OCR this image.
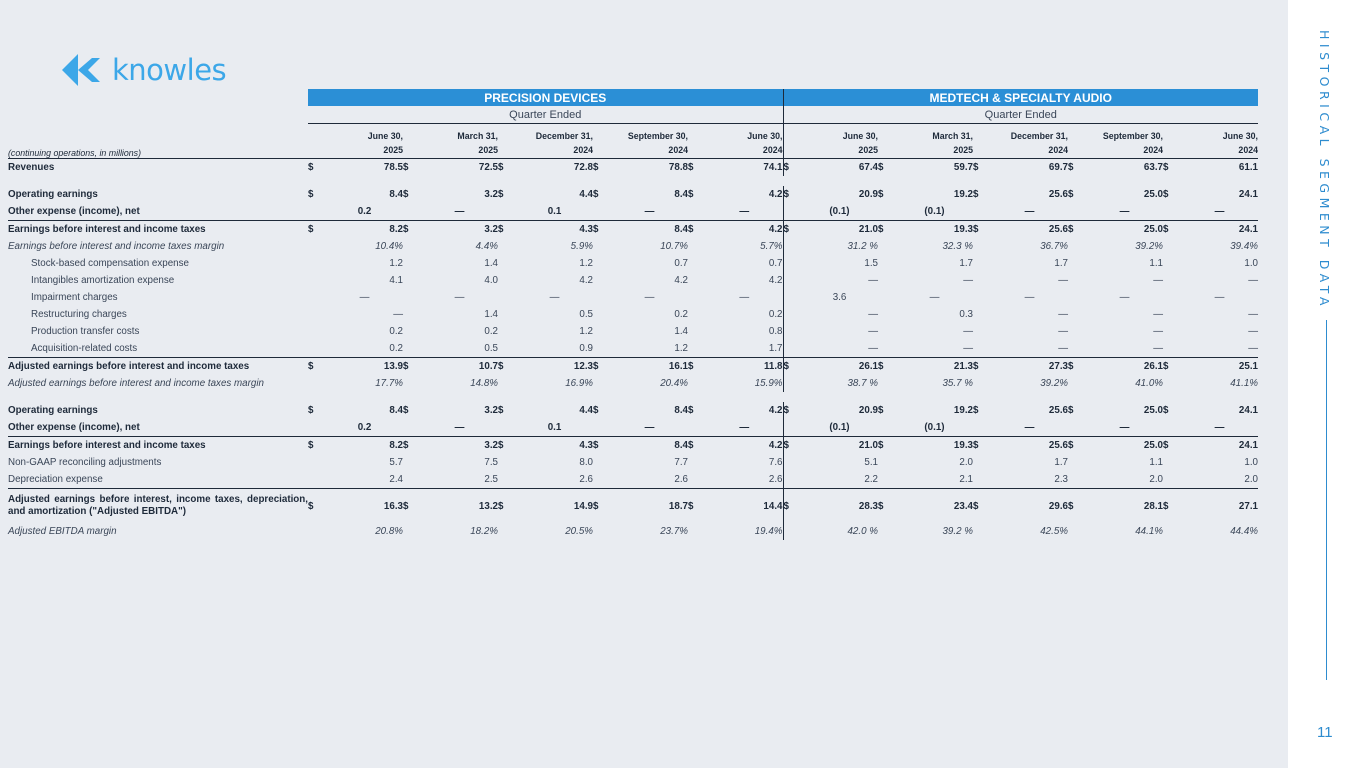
knowles	HISTORICAL SEGMENT DATA
11
	PRECISION DEVICES										MEDTECH & SPECIALTY AUDIO									
	Quarter Ended										Quarter Ended									
	June 30,		March 31,		December 31,		September 30,		June 30,		June 30,		March 31,		December 31,		September 30,		June 30,	
(continuing operations, in millions)	2025		2025		2024		2024		2024		2025		2025		2024		2024		2024	
Revenues	$	78.5	$	72.5	$	72.8	$	78.8	$	74.1	$	67.4	$	59.7	$	69.7	$	63.7	$	61.1

Operating earnings	$	8.4	$	3.2	$	4.4	$	8.4	$	4.2	$	20.9	$	19.2	$	25.6	$	25.0	$	24.1
Other expense (income), net		0.2		—		0.1		—		—		(0.1)		(0.1)		—		—		—
Earnings before interest and income taxes	$	8.2	$	3.2	$	4.3	$	8.4	$	4.2	$	21.0	$	19.3	$	25.6	$	25.0	$	24.1
Earnings before interest and income taxes margin		10.4%		4.4%		5.9%		10.7%		5.7%		31.2 %		32.3 %		36.7%		39.2%		39.4%
Stock-based compensation expense		1.2		1.4		1.2		0.7		0.7		1.5		1.7		1.7		1.1		1.0
Intangibles amortization expense		4.1		4.0		4.2		4.2		4.2		—		—		—		—		—
Impairment charges		—		—		—		—		—		3.6		—		—		—		—
Restructuring charges		—		1.4		0.5		0.2		0.2		—		0.3		—		—		—
Production transfer costs		0.2		0.2		1.2		1.4		0.8		—		—		—		—		—
Acquisition-related costs		0.2		0.5		0.9		1.2		1.7		—		—		—		—		—
Adjusted earnings before interest and income taxes	$	13.9	$	10.7	$	12.3	$	16.1	$	11.8	$	26.1	$	21.3	$	27.3	$	26.1	$	25.1
Adjusted earnings before interest and income taxes margin		17.7%		14.8%		16.9%		20.4%		15.9%		38.7 %		35.7 %		39.2%		41.0%		41.1%

Operating earnings	$	8.4	$	3.2	$	4.4	$	8.4	$	4.2	$	20.9	$	19.2	$	25.6	$	25.0	$	24.1
Other expense (income), net		0.2		—		0.1		—		—		(0.1)		(0.1)		—		—		—
Earnings before interest and income taxes	$	8.2	$	3.2	$	4.3	$	8.4	$	4.2	$	21.0	$	19.3	$	25.6	$	25.0	$	24.1
Non-GAAP reconciling adjustments		5.7		7.5		8.0		7.7		7.6		5.1		2.0		1.7		1.1		1.0
Depreciation expense		2.4		2.5		2.6		2.6		2.6		2.2		2.1		2.3		2.0		2.0
Adjusted earnings before interest, income taxes, depreciation, and amortization ("Adjusted EBITDA")	$	16.3	$	13.2	$	14.9	$	18.7	$	14.4	$	28.3	$	23.4	$	29.6	$	28.1	$	27.1
Adjusted EBITDA margin		20.8%		18.2%		20.5%		23.7%		19.4%		42.0 %		39.2 %		42.5%		44.1%		44.4%
